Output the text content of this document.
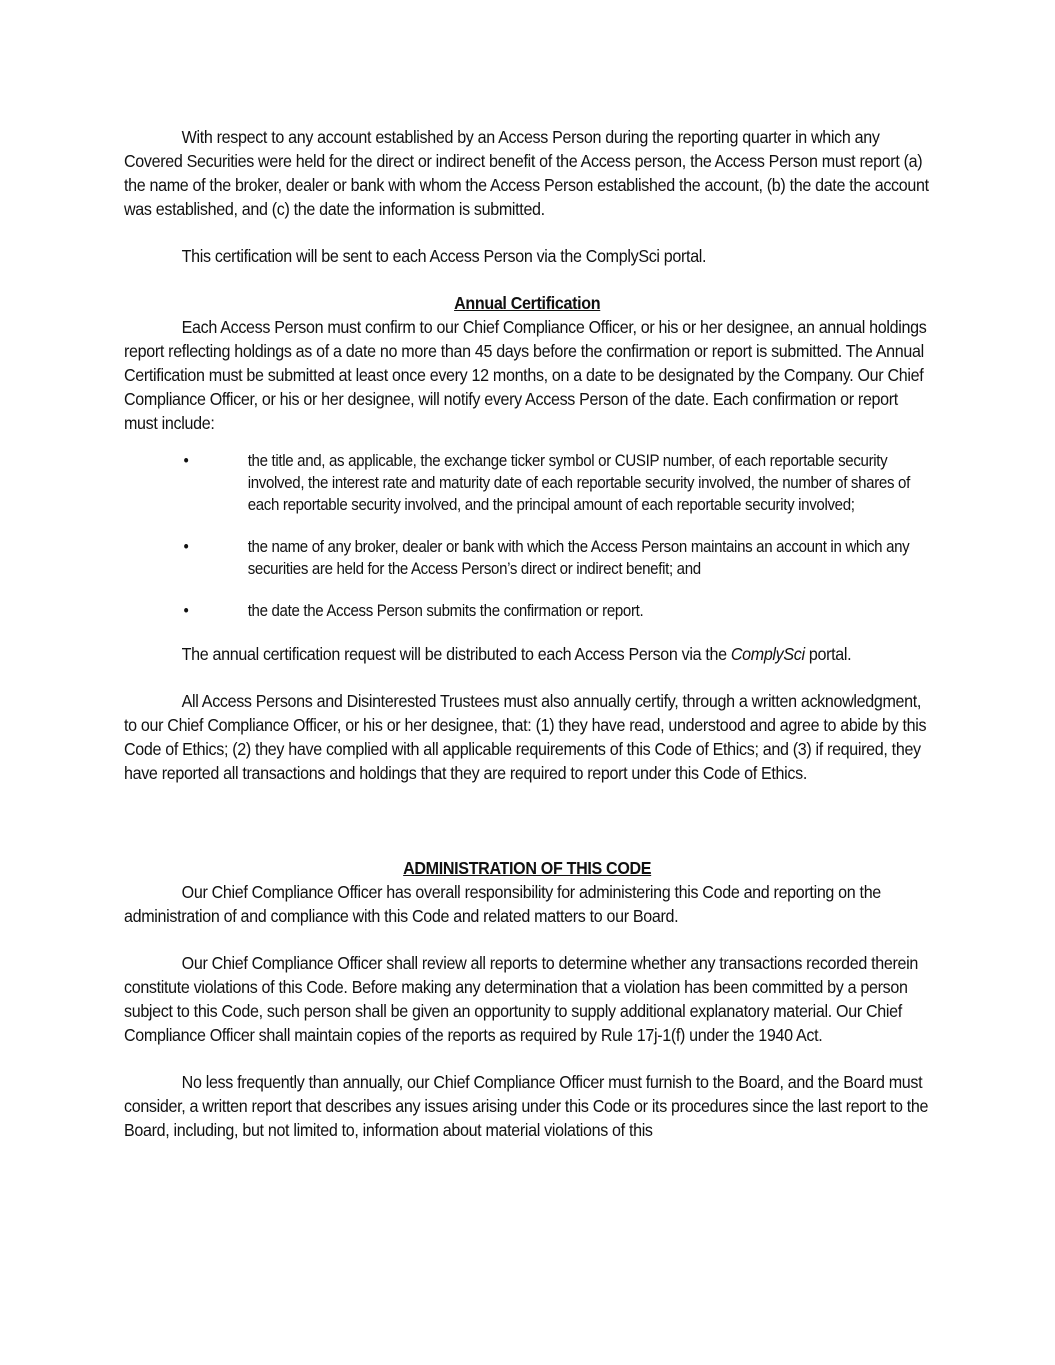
With respect to any account established by an Access Person during the reporting quarter in which any Covered Securities were held for the direct or indirect benefit of the Access person, the Access Person must report (a) the name of the broker, dealer or bank with whom the Access Person established the account, (b) the date the account was established, and (c) the date the information is submitted.

This certification will be sent to each Access Person via the ComplySci portal.

Annual Certification

Each Access Person must confirm to our Chief Compliance Officer, or his or her designee, an annual holdings report reflecting holdings as of a date no more than 45 days before the confirmation or report is submitted. The Annual Certification must be submitted at least once every 12 months, on a date to be designated by the Company. Our Chief Compliance Officer, or his or her designee, will notify every Access Person of the date. Each confirmation or report must include:

•	the title and, as applicable, the exchange ticker symbol or CUSIP number, of each reportable security involved, the interest rate and maturity date of each reportable security involved, the number of shares of each reportable security involved, and the principal amount of each reportable security involved;
•	the name of any broker, dealer or bank with which the Access Person maintains an account in which any securities are held for the Access Person’s direct or indirect benefit; and
•	the date the Access Person submits the confirmation or report.

The annual certification request will be distributed to each Access Person via the ComplySci portal.

All Access Persons and Disinterested Trustees must also annually certify, through a written acknowledgment, to our Chief Compliance Officer, or his or her designee, that: (1) they have read, understood and agree to abide by this Code of Ethics; (2) they have complied with all applicable requirements of this Code of Ethics; and (3) if required, they have reported all transactions and holdings that they are required to report under this Code of Ethics.

ADMINISTRATION OF THIS CODE

Our Chief Compliance Officer has overall responsibility for administering this Code and reporting on the administration of and compliance with this Code and related matters to our Board.

Our Chief Compliance Officer shall review all reports to determine whether any transactions recorded therein constitute violations of this Code. Before making any determination that a violation has been committed by a person subject to this Code, such person shall be given an opportunity to supply additional explanatory material. Our Chief Compliance Officer shall maintain copies of the reports as required by Rule 17j-1(f) under the 1940 Act.

No less frequently than annually, our Chief Compliance Officer must furnish to the Board, and the Board must consider, a written report that describes any issues arising under this Code or its procedures since the last report to the Board, including, but not limited to, information about material violations of this
